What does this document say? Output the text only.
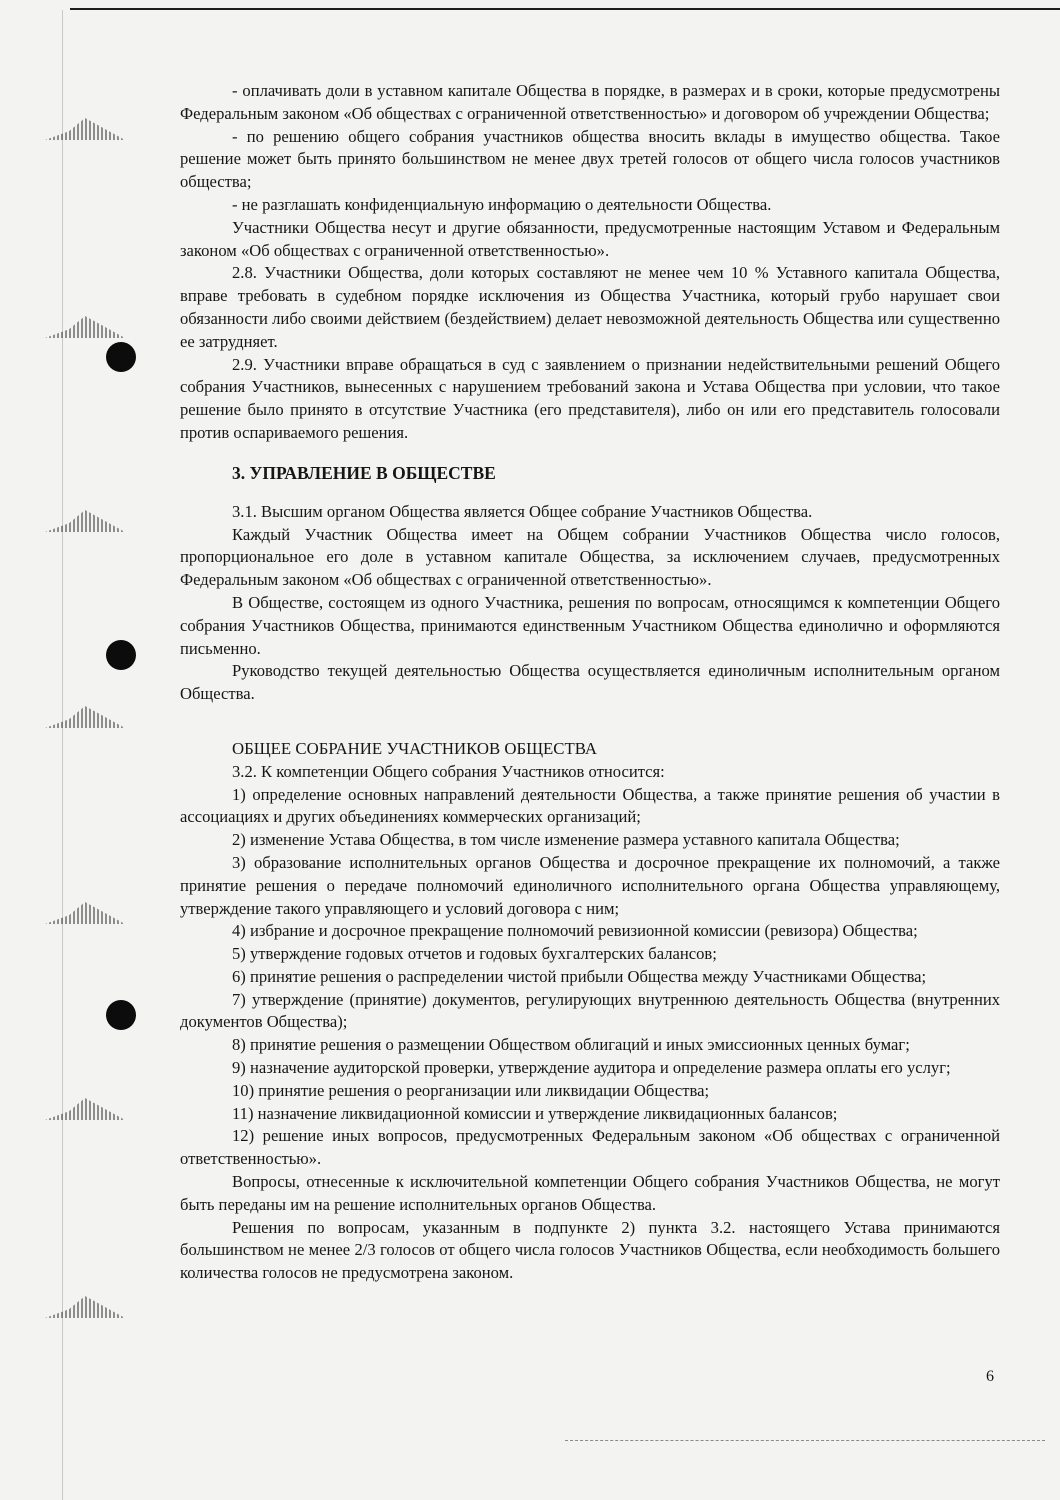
- оплачивать доли в уставном капитале Общества в порядке, в размерах и в сроки, которые предусмотрены Федеральным законом «Об обществах с ограниченной ответственностью» и договором об учреждении Общества;

- по решению общего собрания участников общества вносить вклады в имущество общества. Такое решение может быть принято большинством не менее двух третей голосов от общего числа голосов участников общества;

- не разглашать конфиденциальную информацию о деятельности Общества.

Участники Общества несут и другие обязанности, предусмотренные настоящим Уставом и Федеральным законом «Об обществах с ограниченной ответственностью».

2.8. Участники Общества, доли которых составляют не менее чем 10 % Уставного капитала Общества, вправе требовать в судебном порядке исключения из Общества Участника, который грубо нарушает свои обязанности либо своими действием (бездействием) делает невозможной деятельность Общества или существенно ее затрудняет.

2.9. Участники вправе обращаться в суд с заявлением о признании недействительными решений Общего собрания Участников, вынесенных с нарушением требований закона и Устава Общества при условии, что такое решение было принято в отсутствие Участника (его представителя), либо он или его представитель голосовали против оспариваемого решения.

3. УПРАВЛЕНИЕ В ОБЩЕСТВЕ

3.1. Высшим органом Общества является Общее собрание Участников Общества.

Каждый Участник Общества имеет на Общем собрании Участников Общества число голосов, пропорциональное его доле в уставном капитале Общества, за исключением случаев, предусмотренных Федеральным законом «Об обществах с ограниченной ответственностью».

В Обществе, состоящем из одного Участника, решения по вопросам, относящимся к компетенции Общего собрания Участников Общества, принимаются единственным Участником Общества единолично и оформляются письменно.

Руководство текущей деятельностью Общества осуществляется единоличным исполнительным органом Общества.

ОБЩЕЕ СОБРАНИЕ УЧАСТНИКОВ ОБЩЕСТВА

3.2. К компетенции Общего собрания Участников относится:

1) определение основных направлений деятельности Общества, а также принятие решения об участии в ассоциациях и других объединениях коммерческих организаций;

2) изменение Устава Общества, в том числе изменение размера уставного капитала Общества;

3) образование исполнительных органов Общества и досрочное прекращение их полномочий, а также принятие решения о передаче полномочий единоличного исполнительного органа Общества управляющему, утверждение такого управляющего и условий договора с ним;

4) избрание и досрочное прекращение полномочий ревизионной комиссии (ревизора) Общества;

5) утверждение годовых отчетов и годовых бухгалтерских балансов;

6) принятие решения о распределении чистой прибыли Общества между Участниками Общества;

7) утверждение (принятие) документов, регулирующих внутреннюю деятельность Общества (внутренних документов Общества);

8) принятие решения о размещении Обществом облигаций и иных эмиссионных ценных бумаг;

9) назначение аудиторской проверки, утверждение аудитора и определение размера оплаты его услуг;

10) принятие решения о реорганизации или ликвидации Общества;

11) назначение ликвидационной комиссии и утверждение ликвидационных балансов;

12) решение иных вопросов, предусмотренных Федеральным законом «Об обществах с ограниченной ответственностью».

Вопросы, отнесенные к исключительной компетенции Общего собрания Участников Общества, не могут быть переданы им на решение исполнительных органов Общества.

Решения по вопросам, указанным в подпункте 2) пункта 3.2. настоящего Устава принимаются большинством не менее 2/3 голосов от общего числа голосов Участников Общества, если необходимость большего количества голосов не предусмотрена законом.

6
